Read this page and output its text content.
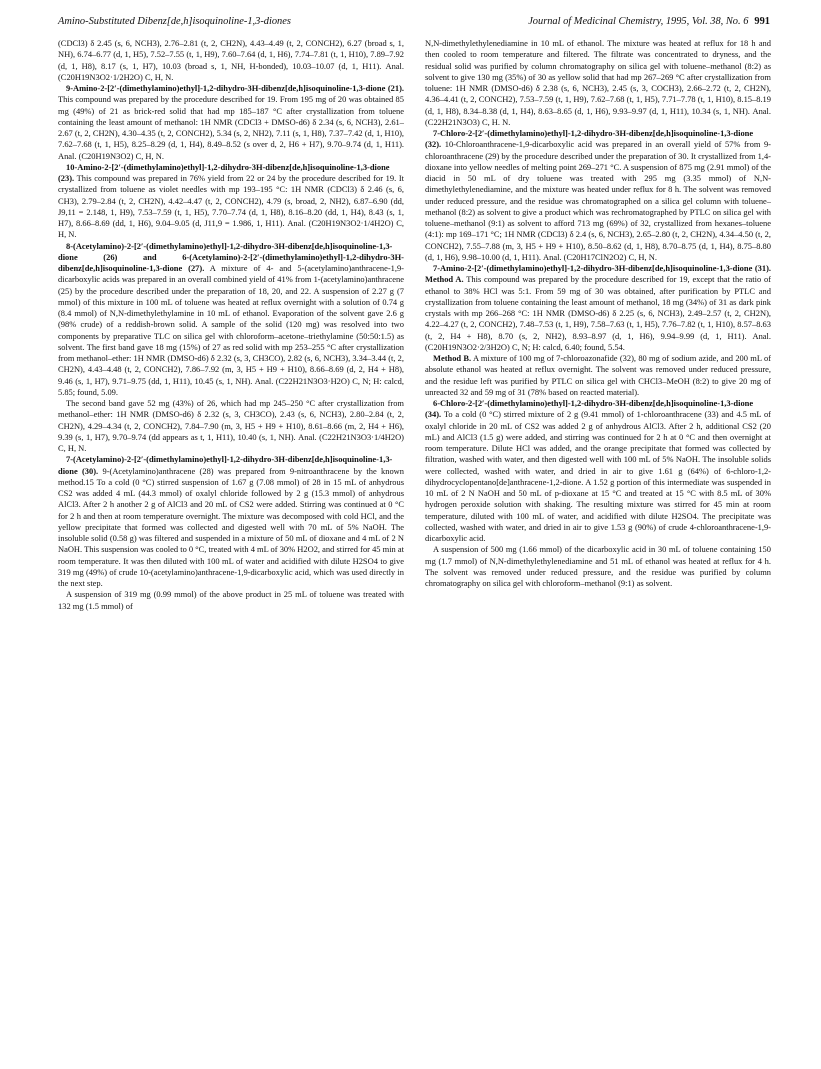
Amino-Substituted Dibenz[de,h]isoquinoline-1,3-diones	Journal of Medicinal Chemistry, 1995, Vol. 38, No. 6 991

(CDCl3) δ 2.45 (s, 6, NCH3), 2.76–2.81 (t, 2, CH2N), 4.43–4.49 (t, 2, CONCH2), 6.27 (broad s, 1, NH), 6.74–6.77 (d, 1, H5), 7.52–7.55 (t, 1, H9), 7.60–7.64 (d, 1, H6), 7.74–7.81 (t, 1, H10), 7.89–7.92 (d, 1, H8), 8.17 (s, 1, H7), 10.03 (broad s, 1, NH, H-bonded), 10.03–10.07 (d, 1, H11). Anal. (C20H19N3O2·1/2H2O) C, H, N.

9-Amino-2-[2′-(dimethylamino)ethyl]-1,2-dihydro-3H-dibenz[de,h]isoquinoline-1,3-dione (21). This compound was prepared by the procedure described for 19. From 195 mg of 20 was obtained 85 mg (49%) of 21 as brick-red solid that had mp 185–187 °C after crystallization from toluene containing the least amount of methanol: 1H NMR (CDCl3 + DMSO-d6) δ 2.34 (s, 6, NCH3), 2.61–2.67 (t, 2, CH2N), 4.30–4.35 (t, 2, CONCH2), 5.34 (s, 2, NH2), 7.11 (s, 1, H8), 7.37–7.42 (d, 1, H10), 7.62–7.68 (t, 1, H5), 8.25–8.29 (d, 1, H4), 8.49–8.52 (s over d, 2, H6 + H7), 9.70–9.74 (d, 1, H11). Anal. (C20H19N3O2) C, H, N.

10-Amino-2-[2′-(dimethylamino)ethyl]-1,2-dihydro-3H-dibenz[de,h]isoquinoline-1,3-dione (23). This compound was prepared in 76% yield from 22 or 24 by the procedure described for 19. It crystallized from toluene as violet needles with mp 193–195 °C: 1H NMR (CDCl3) δ 2.46 (s, 6, CH3), 2.79–2.84 (t, 2, CH2N), 4.42–4.47 (t, 2, CONCH2), 4.79 (s, broad, 2, NH2), 6.87–6.90 (dd, J9,11 = 2.148, 1, H9), 7.53–7.59 (t, 1, H5), 7.70–7.74 (d, 1, H8), 8.16–8.20 (dd, 1, H4), 8.43 (s, 1, H7), 8.66–8.69 (dd, 1, H6), 9.04–9.05 (d, J11,9 = 1.986, 1, H11). Anal. (C20H19N3O2·1/4H2O) C, H, N.

8-(Acetylamino)-2-[2′-(dimethylamino)ethyl]-1,2-dihydro-3H-dibenz[de,h]isoquinoline-1,3-dione (26) and 6-(Acetylamino)-2-[2′-(dimethylamino)ethyl]-1,2-dihydro-3H-dibenz[de,h]isoquinoline-1,3-dione (27). A mixture of 4- and 5-(acetylamino)anthracene-1,9-dicarboxylic acids was prepared in an overall combined yield of 41% from 1-(acetylamino)anthracene (25) by the procedure described under the preparation of 18, 20, and 22. A suspension of 2.27 g (7 mmol) of this mixture in 100 mL of toluene was heated at reflux overnight with a solution of 0.74 g (8.4 mmol) of N,N-dimethylethylamine in 10 mL of ethanol. Evaporation of the solvent gave 2.6 g (98% crude) of a reddish-brown solid. A sample of the solid (120 mg) was resolved into two components by preparative TLC on silica gel with chloroform–acetone–triethylamine (50:50:1.5) as solvent. The first band gave 18 mg (15%) of 27 as red solid with mp 253–255 °C after crystallization from methanol–ether: 1H NMR (DMSO-d6) δ 2.32 (s, 3, CH3CO), 2.82 (s, 6, NCH3), 3.34–3.44 (t, 2, CH2N), 4.43–4.48 (t, 2, CONCH2), 7.86–7.92 (m, 3, H5 + H9 + H10), 8.66–8.69 (d, 2, H4 + H8), 9.46 (s, 1, H7), 9.71–9.75 (dd, 1, H11), 10.45 (s, 1, NH). Anal. (C22H21N3O3·H2O) C, N; H: calcd, 5.85; found, 5.09.

The second band gave 52 mg (43%) of 26, which had mp 245–250 °C after crystallization from methanol–ether: 1H NMR (DMSO-d6) δ 2.32 (s, 3, CH3CO), 2.43 (s, 6, NCH3), 2.80–2.84 (t, 2, CH2N), 4.29–4.34 (t, 2, CONCH2), 7.84–7.90 (m, 3, H5 + H9 + H10), 8.61–8.66 (m, 2, H4 + H6), 9.39 (s, 1, H7), 9.70–9.74 (dd appears as t, 1, H11), 10.40 (s, 1, NH). Anal. (C22H21N3O3·1/4H2O) C, H, N.

7-(Acetylamino)-2-[2′-(dimethylamino)ethyl]-1,2-dihydro-3H-dibenz[de,h]isoquinoline-1,3-dione (30). 9-(Acetylamino)anthracene (28) was prepared from 9-nitroanthracene by the known method.15 To a cold (0 °C) stirred suspension of 1.67 g (7.08 mmol) of 28 in 15 mL of anhydrous CS2 was added 4 mL (44.3 mmol) of oxalyl chloride followed by 2 g (15.3 mmol) of anhydrous AlCl3. After 2 h another 2 g of AlCl3 and 20 mL of CS2 were added. Stirring was continued at 0 °C for 2 h and then at room temperature overnight. The mixture was decomposed with cold HCl, and the yellow precipitate that formed was collected and digested well with 70 mL of 5% NaOH. The insoluble solid (0.58 g) was filtered and suspended in a mixture of 50 mL of dioxane and 4 mL of 2 N NaOH. This suspension was cooled to 0 °C, treated with 4 mL of 30% H2O2, and stirred for 45 min at room temperature. It was then diluted with 100 mL of water and acidified with dilute H2SO4 to give 319 mg (49%) of crude 10-(acetylamino)anthracene-1,9-dicarboxylic acid, which was used directly in the next step.

A suspension of 319 mg (0.99 mmol) of the above product in 25 mL of toluene was treated with 132 mg (1.5 mmol) of

N,N-dimethylethylenediamine in 10 mL of ethanol. The mixture was heated at reflux for 18 h and then cooled to room temperature and filtered. The filtrate was concentrated to dryness, and the residual solid was purified by column chromatography on silica gel with toluene–methanol (8:2) as solvent to give 130 mg (35%) of 30 as yellow solid that had mp 267–269 °C after crystallization from toluene: 1H NMR (DMSO-d6) δ 2.38 (s, 6, NCH3), 2.45 (s, 3, COCH3), 2.66–2.72 (t, 2, CH2N), 4.36–4.41 (t, 2, CONCH2), 7.53–7.59 (t, 1, H9), 7.62–7.68 (t, 1, H5), 7.71–7.78 (t, 1, H10), 8.15–8.19 (d, 1, H8), 8.34–8.38 (d, 1, H4), 8.63–8.65 (d, 1, H6), 9.93–9.97 (d, 1, H11), 10.34 (s, 1, NH). Anal. (C22H21N3O3) C, H. N.

7-Chloro-2-[2′-(dimethylamino)ethyl]-1,2-dihydro-3H-dibenz[de,h]isoquinoline-1,3-dione (32). 10-Chloroanthracene-1,9-dicarboxylic acid was prepared in an overall yield of 57% from 9-chloroanthracene (29) by the procedure described under the preparation of 30. It crystallized from 1,4-dioxane into yellow needles of melting point 269–271 °C. A suspension of 875 mg (2.91 mmol) of the diacid in 50 mL of dry toluene was treated with 295 mg (3.35 mmol) of N,N-dimethylethylenediamine, and the mixture was heated under reflux for 8 h. The solvent was removed under reduced pressure, and the residue was chromatographed on a silica gel column with toluene–methanol (8:2) as solvent to give a product which was rechromatographed by PTLC on silica gel with toluene–methanol (9:1) as solvent to afford 713 mg (69%) of 32, crystallized from hexanes–toluene (4:1): mp 169–171 °C; 1H NMR (CDCl3) δ 2.4 (s, 6, NCH3), 2.65–2.80 (t, 2, CH2N), 4.34–4.50 (t, 2, CONCH2), 7.55–7.88 (m, 3, H5 + H9 + H10), 8.50–8.62 (d, 1, H8), 8.70–8.75 (d, 1, H4), 8.75–8.80 (d, 1, H6), 9.98–10.00 (d, 1, H11). Anal. (C20H17ClN2O2) C, H, N.

7-Amino-2-[2′-(dimethylamino)ethyl]-1,2-dihydro-3H-dibenz[de,h]isoquinoline-1,3-dione (31). Method A. This compound was prepared by the procedure described for 19, except that the ratio of ethanol to 38% HCl was 5:1. From 59 mg of 30 was obtained, after purification by PTLC and crystallization from toluene containing the least amount of methanol, 18 mg (34%) of 31 as dark pink crystals with mp 266–268 °C: 1H NMR (DMSO-d6) δ 2.25 (s, 6, NCH3), 2.49–2.57 (t, 2, CH2N), 4.22–4.27 (t, 2, CONCH2), 7.48–7.53 (t, 1, H9), 7.58–7.63 (t, 1, H5), 7.76–7.82 (t, 1, H10), 8.57–8.63 (t, 2, H4 + H8), 8.70 (s, 2, NH2), 8.93–8.97 (d, 1, H6), 9.94–9.99 (d, 1, H11). Anal. (C20H19N3O2·2/3H2O) C, N; H: calcd, 6.40; found, 5.54.

Method B. A mixture of 100 mg of 7-chloroazonafide (32), 80 mg of sodium azide, and 200 mL of absolute ethanol was heated at reflux overnight. The solvent was removed under reduced pressure, and the residue left was purified by PTLC on silica gel with CHCl3–MeOH (8:2) to give 20 mg of unreacted 32 and 59 mg of 31 (78% based on reacted material).

6-Chloro-2-[2′-(dimethylamino)ethyl]-1,2-dihydro-3H-dibenz[de,h]isoquinoline-1,3-dione (34). To a cold (0 °C) stirred mixture of 2 g (9.41 mmol) of 1-chloroanthracene (33) and 4.5 mL of oxalyl chloride in 20 mL of CS2 was added 2 g of anhydrous AlCl3. After 2 h, additional CS2 (20 mL) and AlCl3 (1.5 g) were added, and stirring was continued for 2 h at 0 °C and then overnight at room temperature. Dilute HCl was added, and the orange precipitate that formed was collected by filtration, washed with water, and then digested well with 100 mL of 5% NaOH. The insoluble solids were collected, washed with water, and dried in air to give 1.61 g (64%) of 6-chloro-1,2-dihydrocyclopentano[de]anthracene-1,2-dione. A 1.52 g portion of this intermediate was suspended in 10 mL of 2 N NaOH and 50 mL of p-dioxane at 15 °C and treated at 15 °C with 8.5 mL of 30% hydrogen peroxide solution with shaking. The resulting mixture was stirred for 45 min at room temperature, diluted with 100 mL of water, and acidified with dilute H2SO4. The precipitate was collected, washed with water, and dried in air to give 1.53 g (90%) of crude 4-chloroanthracene-1,9-dicarboxylic acid.

A suspension of 500 mg (1.66 mmol) of the dicarboxylic acid in 30 mL of toluene containing 150 mg (1.7 mmol) of N,N-dimethylethylenediamine and 51 mL of ethanol was heated at reflux for 4 h. The solvent was removed under reduced pressure, and the residue was purified by column chromatography on silica gel with chloroform–methanol (9:1) as solvent.
